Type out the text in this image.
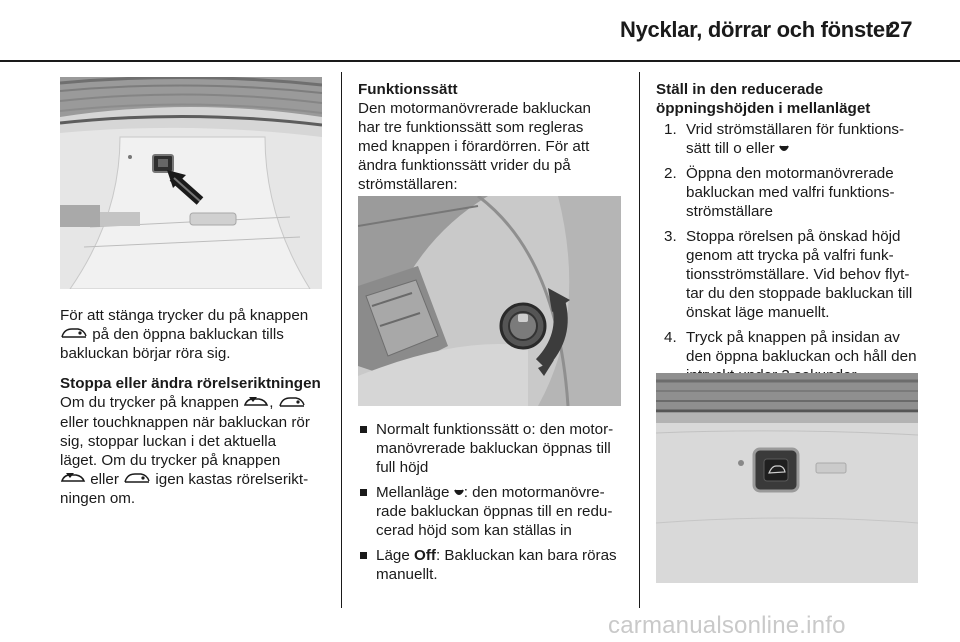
Nycklar, dörrar och fönster
27

För att stänga trycker du på knappen
på den öppna bakluckan tills
bakluckan börjar röra sig.

Stoppa eller ändra rörelseriktningen

Om du trycker på knappen ,
eller touchknappen när bakluckan rör
sig, stoppar luckan i det aktuella
läget. Om du trycker på knappen
eller igen kastas rörelserikt-
ningen om.

Funktionssätt

Den motormanövrerade bakluckan
har tre funktionssätt som regleras
med knappen i förardörren. För att
ändra funktionssätt vrider du på
strömställaren:

Normalt funktionssätt o: den motor-
manövrerade bakluckan öppnas till
full höjd
Mellanläge : den motormanövre-
rade bakluckan öppnas till en redu-
cerad höjd som kan ställas in
Läge Off: Bakluckan kan bara röras
manuellt.

Ställ in den reducerade
öppningshöjden i mellanläget

1. Vrid strömställaren för funktions-
sätt till o eller
2. Öppna den motormanövrerade
bakluckan med valfri funktions-
strömställare
3. Stoppa rörelsen på önskad höjd
genom att trycka på valfri funk-
tionsströmställare. Vid behov flyt-
tar du den stoppade bakluckan till
önskat läge manuellt.
4. Tryck på knappen på insidan av
den öppna bakluckan och håll den

carmanualsonline.info
